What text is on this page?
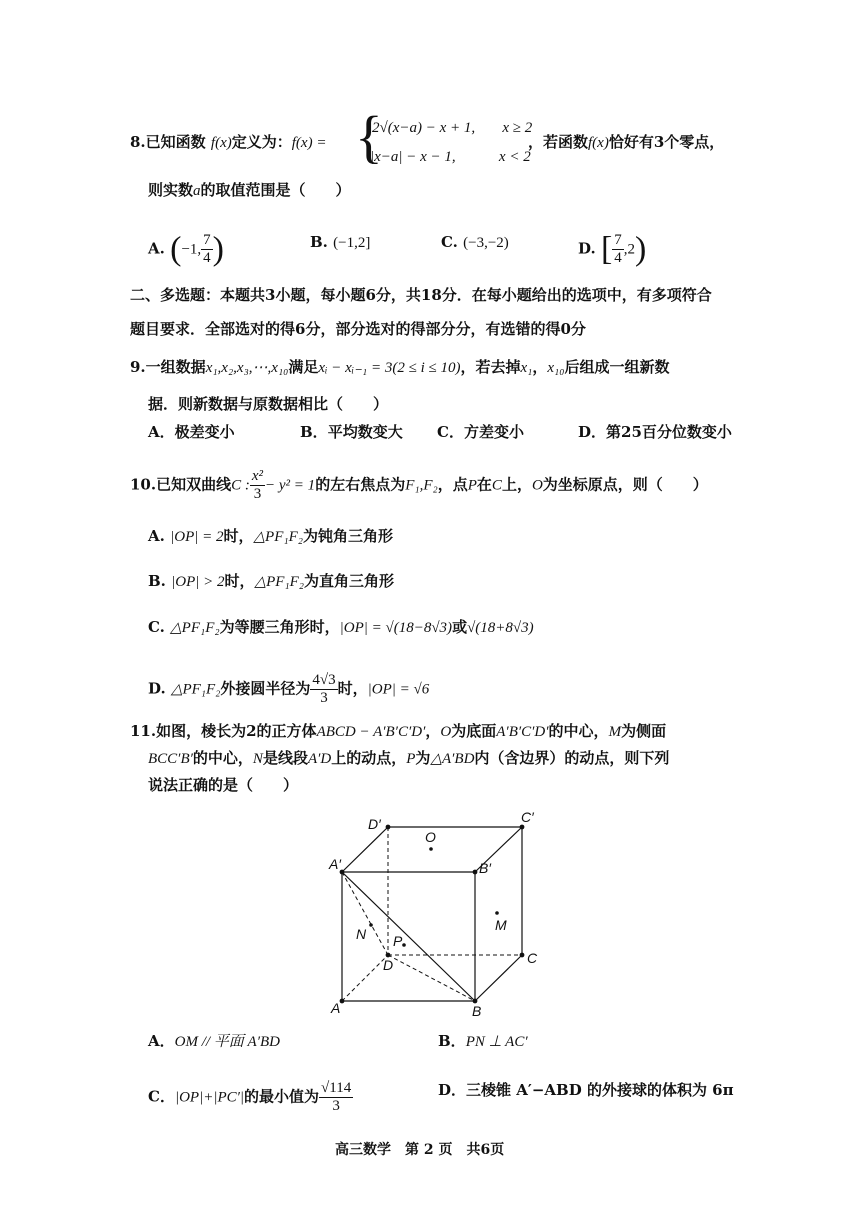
8.已知函数 f(x)定义为：f(x) = {
2√(x−a) − x + 1, x ≥ 2
|x−a| − x − 1,	x < 2
，若函数f(x)恰好有3个零点，
则实数a的取值范围是（　　）
A. (−1, $\frac{7}{4}$ )	B. (−1,2]	C. (−3,−2)	D. [ $\frac{7}{4} ,2$)
二、多选题：本题共3小题，每小题6分，共18分．在每小题给出的选项中，有多项符合
题目要求．全部选对的得6分，部分选对的得部分分，有选错的得0分
9.一组数据x₁,x₂,x₃,⋯,x₁₀满足xᵢ − xᵢ₋₁ = 3(2 ≤ i ≤ 10)，若去掉x₁，x₁₀后组成一组新数
据．则新数据与原数据相比（　　）
A．极差变小	B．平均数变大 C．方差变小	D．第25百分位数变小
10.已知双曲线C : $\frac{\text{x²}}{3} - y^2 = 1$的左右焦点为F₁,F₂，点P在C上，O为坐标原点，则（　　）
A. |OP| = 2时，△PF₁F₂为钝角三角形
B. |OP| > 2时，△PF₁F₂为直角三角形
C. △PF₁F₂为等腰三角形时，|OP| = √(18−8√3)或√(18+8√3)
D. △PF₁F₂外接圆半径为 $\frac{4√3}{3}$ 时，|OP| = √6
11.如图，棱长为2的正方体ABCD − A′B′C′D′，O为底面A′B′C′D′的中心，M为侧面
BCC′B′的中心，N是线段A′D上的动点，P为△A′BD内（含边界）的动点，则下列
说法正确的是（　　）
D′	C′
O
A′	B′
M
N P
D	C
A	B
A．OM // 平面 A′BD	B．PN ⊥ AC′
C．|OP|+|PC′|的最小值为 $\frac{√114}{3}$	D．三棱锥 A′−ABD 的外接球的体积为 6π
高三数学　第 2 页　共6页
